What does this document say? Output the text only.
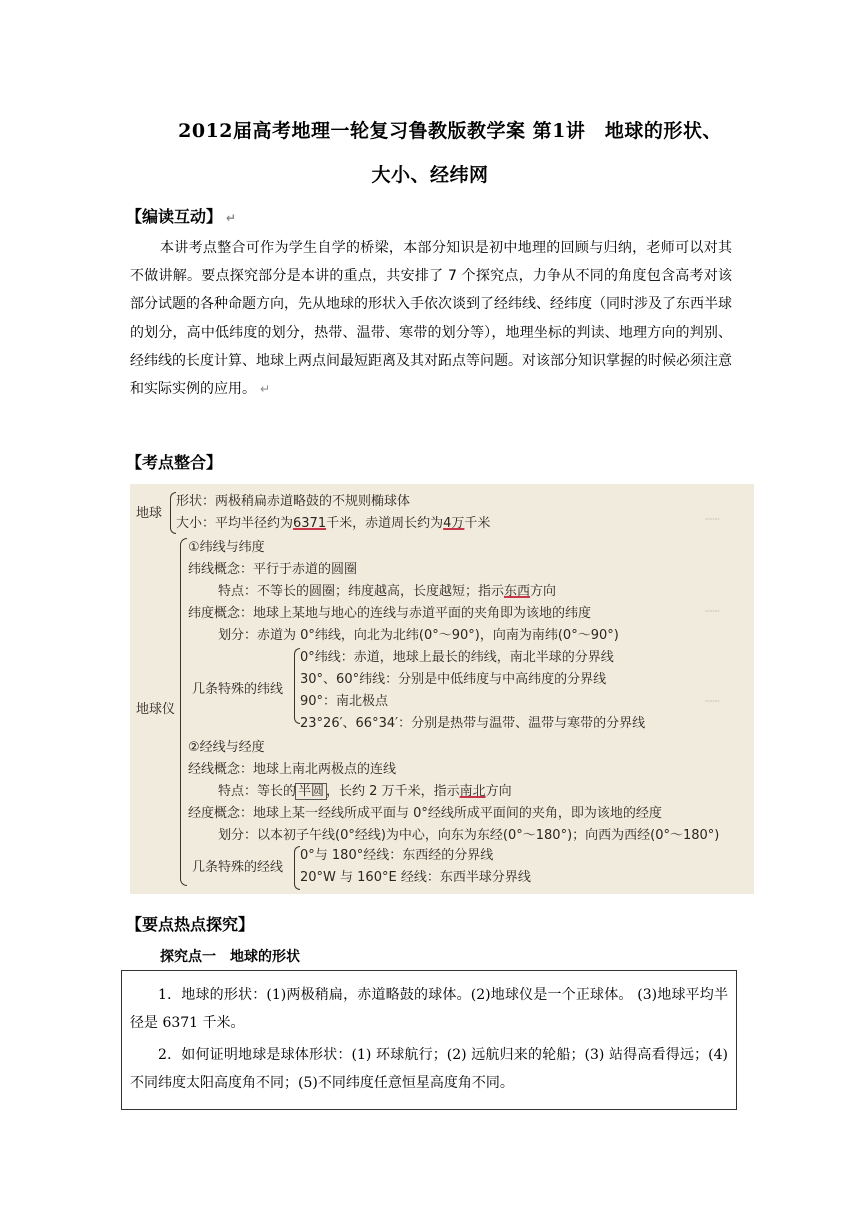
2012届高考地理一轮复习鲁教版教学案 第1讲　地球的形状、
大小、经纬网
【编读互动】 ↵

本讲考点整合可作为学生自学的桥梁，本部分知识是初中地理的回顾与归纳，老师可以对其不做讲解。要点探究部分是本讲的重点，共安排了 7 个探究点，力争从不同的角度包含高考对该部分试题的各种命题方向，先从地球的形状入手依次谈到了经纬线、经纬度（同时涉及了东西半球的划分，高中低纬度的划分，热带、温带、寒带的划分等），地理坐标的判读、地理方向的判别、经纬线的长度计算、地球上两点间最短距离及其对跖点等问题。对该部分知识掌握的时候必须注意和实际实例的应用。 ↵

【考点整合】
┄┄
┄┄
┄┄
地球
形状：两极稍扁赤道略鼓的不规则椭球体
大小：平均半径约为6371千米，赤道周长约为4万千米
地球仪
①纬线与纬度
纬线概念：平行于赤道的圆圈
特点：不等长的圆圈；纬度越高，长度越短；指示东西方向
纬度概念：地球上某地与地心的连线与赤道平面的夹角即为该地的纬度
划分：赤道为 0°纬线，向北为北纬(0°～90°)，向南为南纬(0°～90°)
几条特殊的纬线
0°纬线：赤道，地球上最长的纬线，南北半球的分界线
30°、60°纬线：分别是中低纬度与中高纬度的分界线
90°：南北极点
23°26′、66°34′：分别是热带与温带、温带与寒带的分界线
②经线与经度
经线概念：地球上南北两极点的连线
特点：等长的 半圆 ，长约 2 万千米，指示南北方向
经度概念：地球上某一经线所成平面与 0°经线所成平面间的夹角，即为该地的经度
划分：以本初子午线(0°经线)为中心，向东为东经(0°～180°)；向西为西经(0°～180°)
几条特殊的经线
0°与 180°经线：东西经的分界线
20°W 与 160°E 经线：东西半球分界线
【要点热点探究】
探究点一　地球的形状

1．地球的形状：(1)两极稍扁，赤道略鼓的球体。(2)地球仪是一个正球体。 (3)地球平均半径是 6371 千米。

2．如何证明地球是球体形状：(1) 环球航行；(2) 远航归来的轮船；(3) 站得高看得远；(4)不同纬度太阳高度角不同；(5)不同纬度任意恒星高度角不同。
